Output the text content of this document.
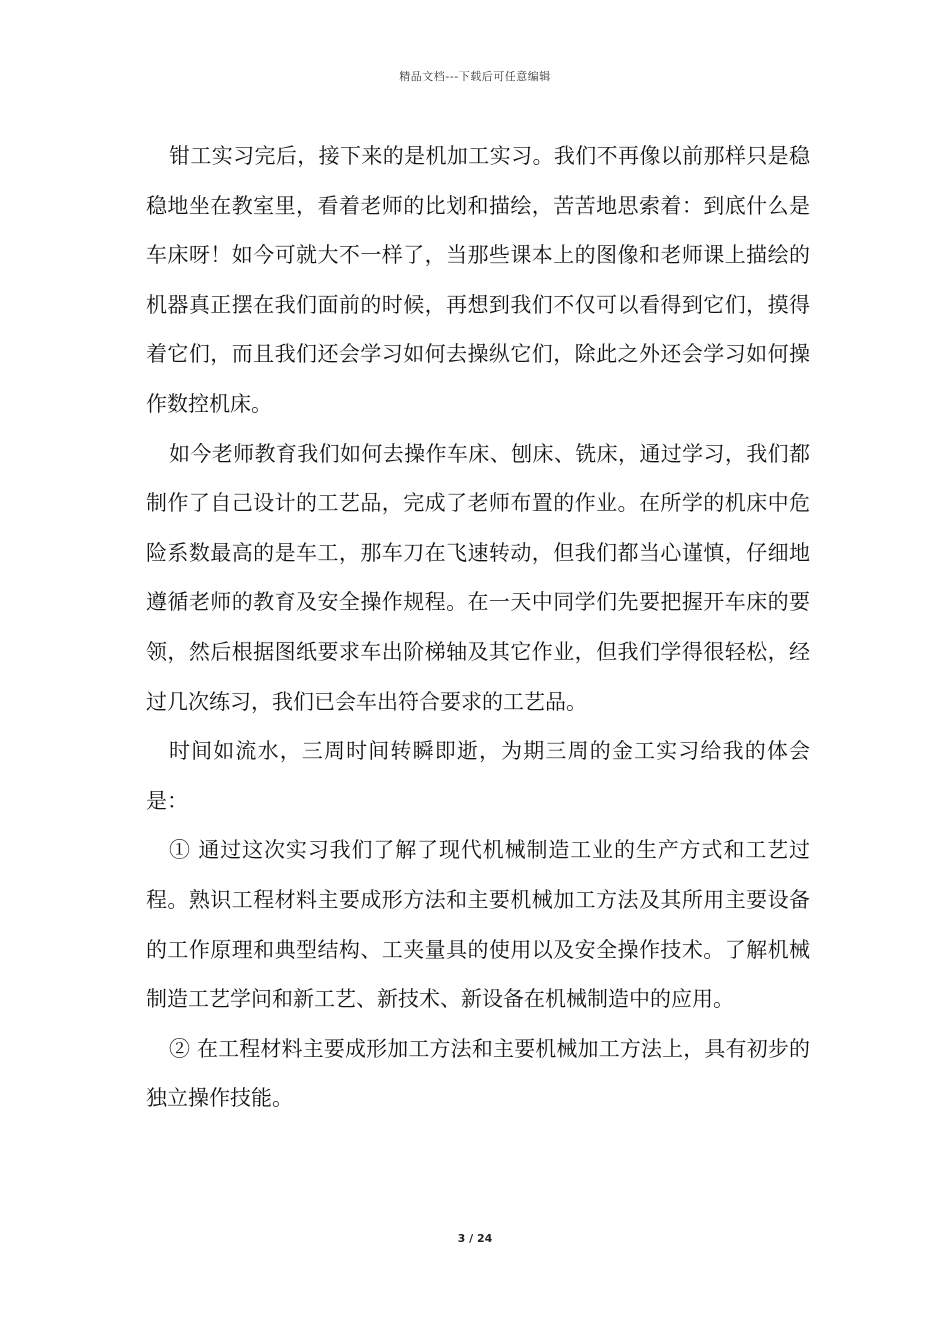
精品文档---下载后可任意编辑

钳工实习完后，接下来的是机加工实习。我们不再像以前那样只是稳稳地坐在教室里，看着老师的比划和描绘，苦苦地思索着：到底什么是车床呀！如今可就大不一样了，当那些课本上的图像和老师课上描绘的机器真正摆在我们面前的时候，再想到我们不仅可以看得到它们，摸得着它们，而且我们还会学习如何去操纵它们，除此之外还会学习如何操作数控机床。

如今老师教育我们如何去操作车床、刨床、铣床，通过学习，我们都制作了自己设计的工艺品，完成了老师布置的作业。在所学的机床中危险系数最高的是车工，那车刀在飞速转动，但我们都当心谨慎，仔细地遵循老师的教育及安全操作规程。在一天中同学们先要把握开车床的要领，然后根据图纸要求车出阶梯轴及其它作业，但我们学得很轻松，经过几次练习，我们已会车出符合要求的工艺品。

时间如流水，三周时间转瞬即逝，为期三周的金工实习给我的体会是：

① 通过这次实习我们了解了现代机械制造工业的生产方式和工艺过程。熟识工程材料主要成形方法和主要机械加工方法及其所用主要设备的工作原理和典型结构、工夹量具的使用以及安全操作技术。了解机械制造工艺学问和新工艺、新技术、新设备在机械制造中的应用。

② 在工程材料主要成形加工方法和主要机械加工方法上，具有初步的独立操作技能。

3 / 24
